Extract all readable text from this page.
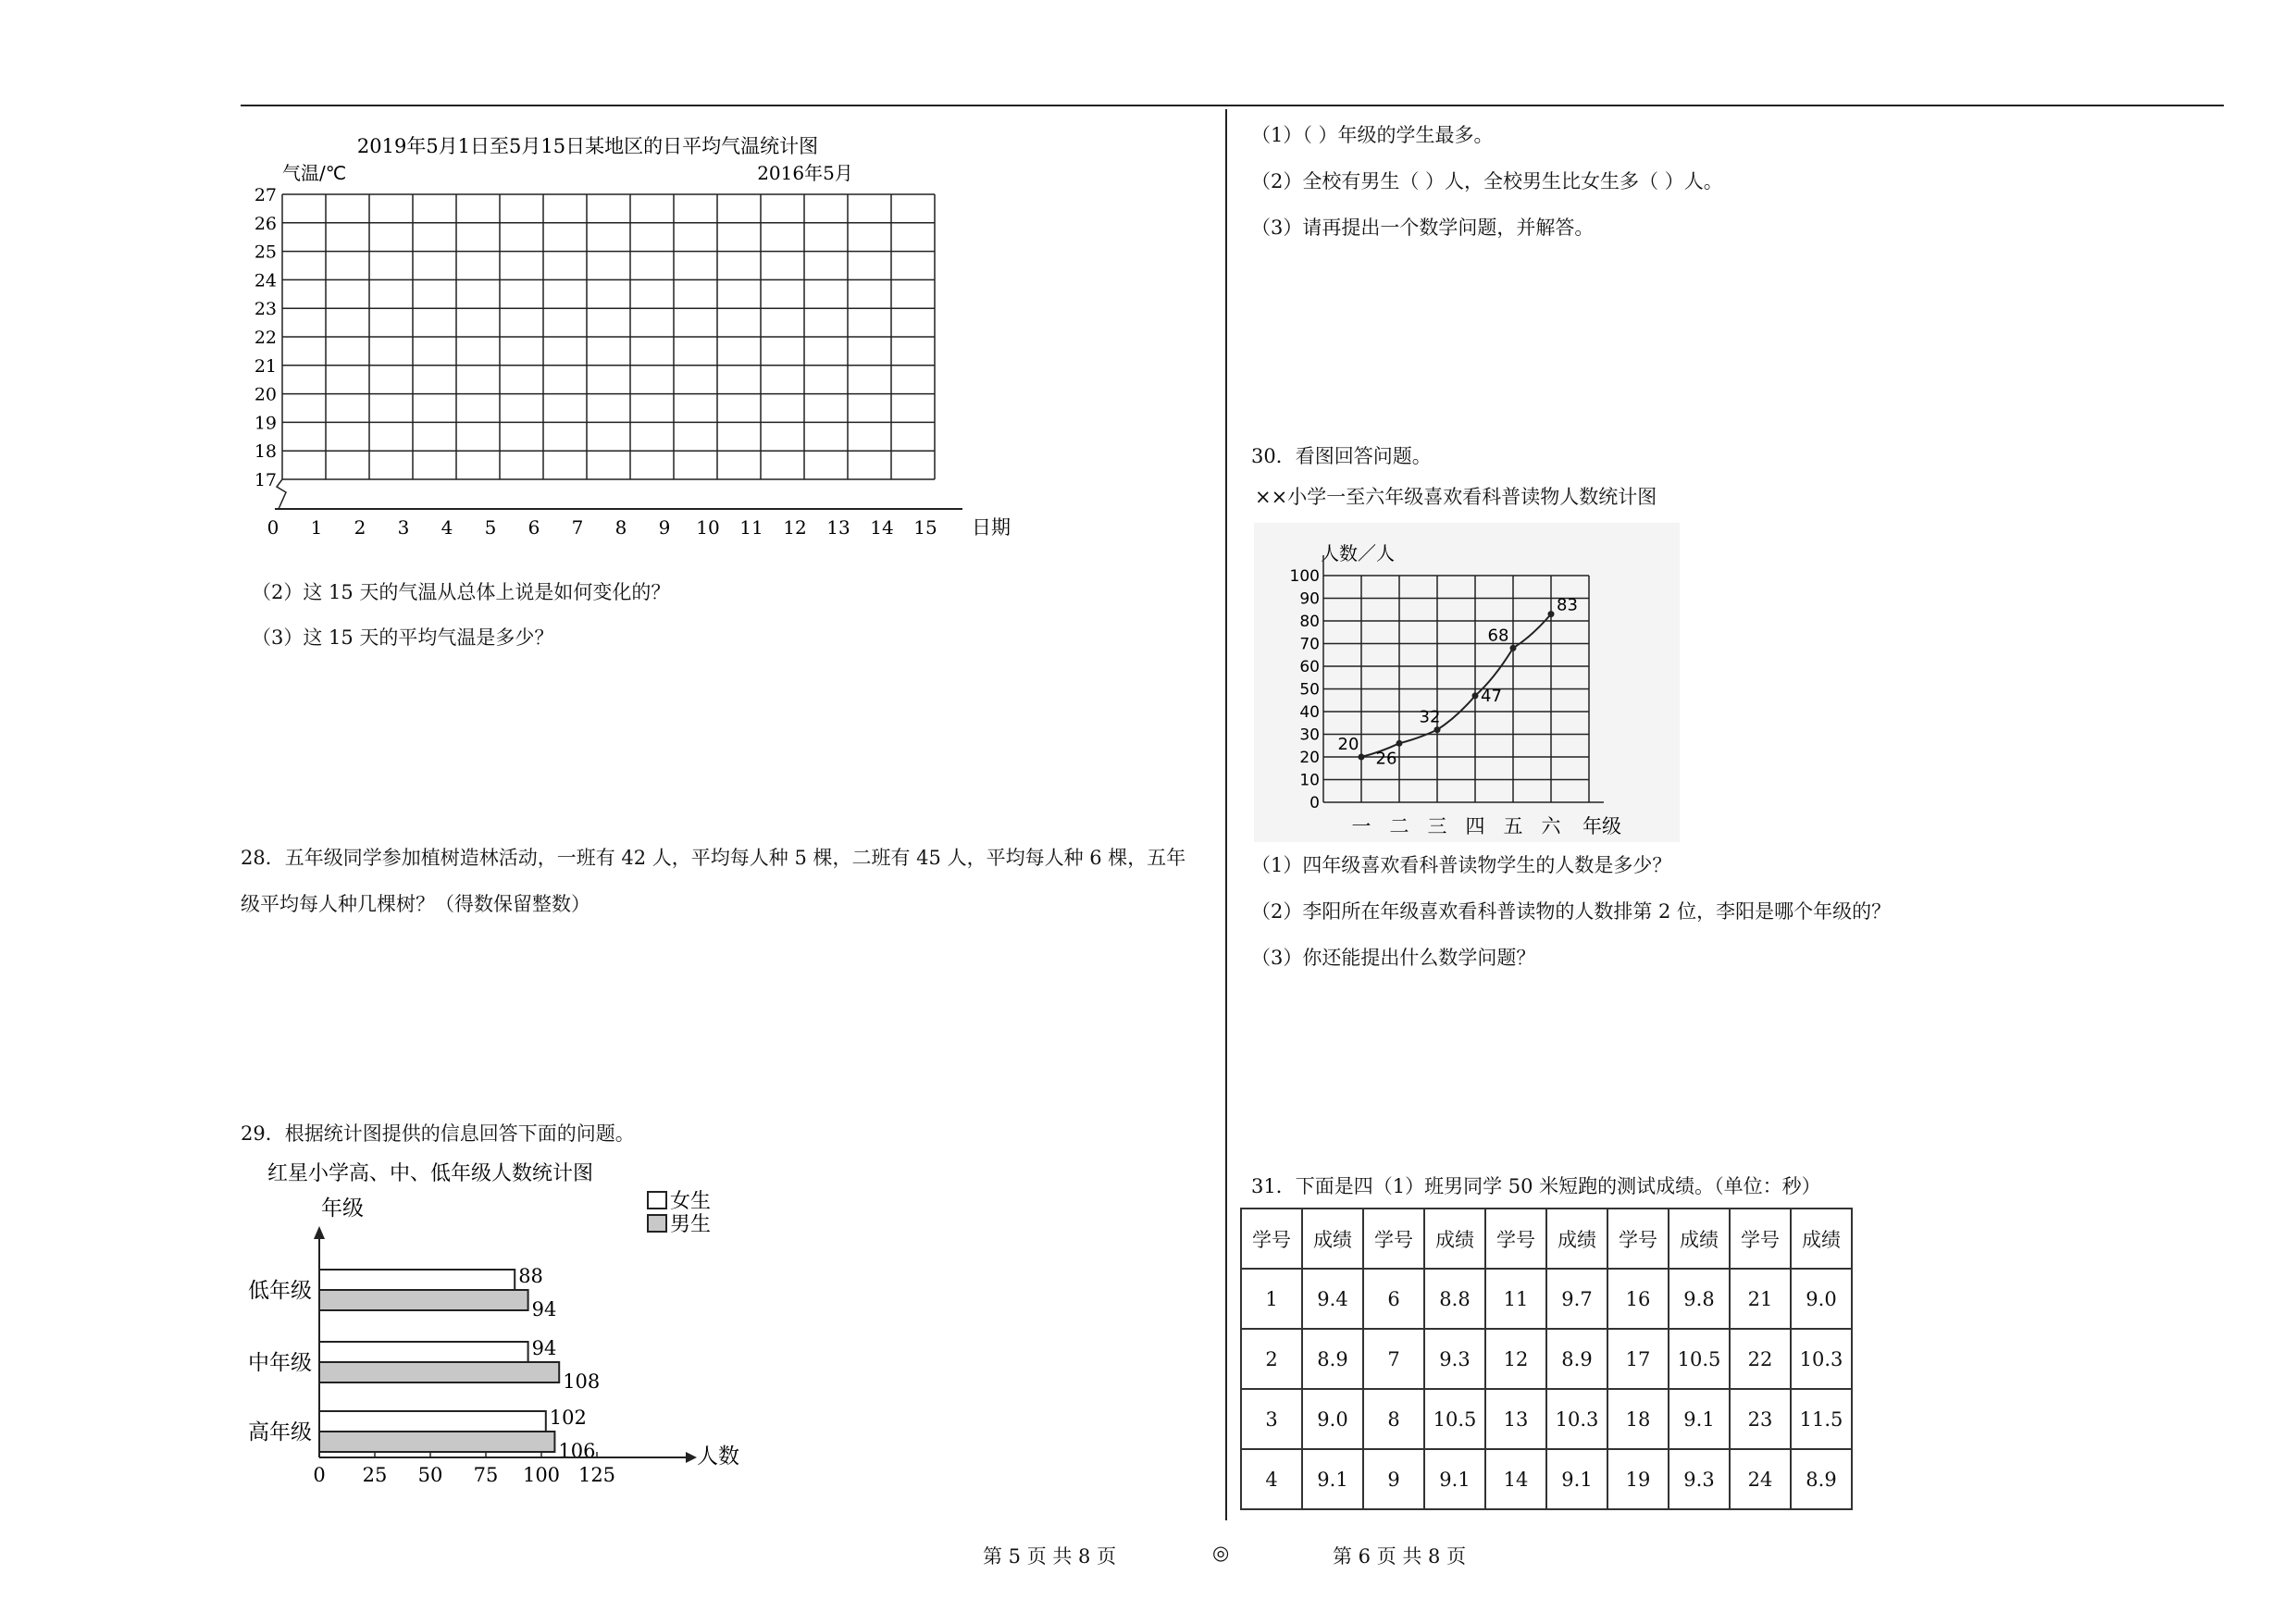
2019年5月1日至5月15日某地区的日平均气温统计图
气温/℃	2016年5月
17
18
19
20
21
22
23
24
25
26
27
0 1 2 3 4 5 6 7 8 9 10 11 12 13 14 15 日期
（2）这 15 天的气温从总体上说是如何变化的？
（3）这 15 天的平均气温是多少？
28．五年级同学参加植树造林活动，一班有 42 人，平均每人种 5 棵，二班有 45 人，平均每人种 6 棵，五年
级平均每人种几棵树？（得数保留整数）
29．根据统计图提供的信息回答下面的问题。
红星小学高、中、低年级人数统计图
年级	女生
男生
低年级
88
94
中年级
94
108
高年级
102
106
0 25 50 75 100 125
人数
（1）（ ）年级的学生最多。
（2）全校有男生（ ）人，全校男生比女生多（ ）人。
（3）请再提出一个数学问题，并解答。
30．看图回答问题。
××小学一至六年级喜欢看科普读物人数统计图
人数／人
0
10
20
30
40
50
60
70
80
90
100
一 二 三 四 五 六
20
26
32
47
68
83
年级
（1）四年级喜欢看科普读物学生的人数是多少？
（2）李阳所在年级喜欢看科普读物的人数排第 2 位，李阳是哪个年级的？
（3）你还能提出什么数学问题？
31．下面是四（1）班男同学 50 米短跑的测试成绩。（单位：秒）
学号	成绩	学号	成绩	学号	成绩	学号	成绩	学号	成绩
1	9.4	6	8.8	11	9.7	16	9.8	21	9.0
2	8.9	7	9.3	12	8.9	17	10.5	22	10.3
3	9.0	8	10.5	13	10.3	18	9.1	23	11.5
4	9.1	9	9.1	14	9.1	19	9.3	24	8.9
第 5 页 共 8 页	◎	第 6 页 共 8 页
